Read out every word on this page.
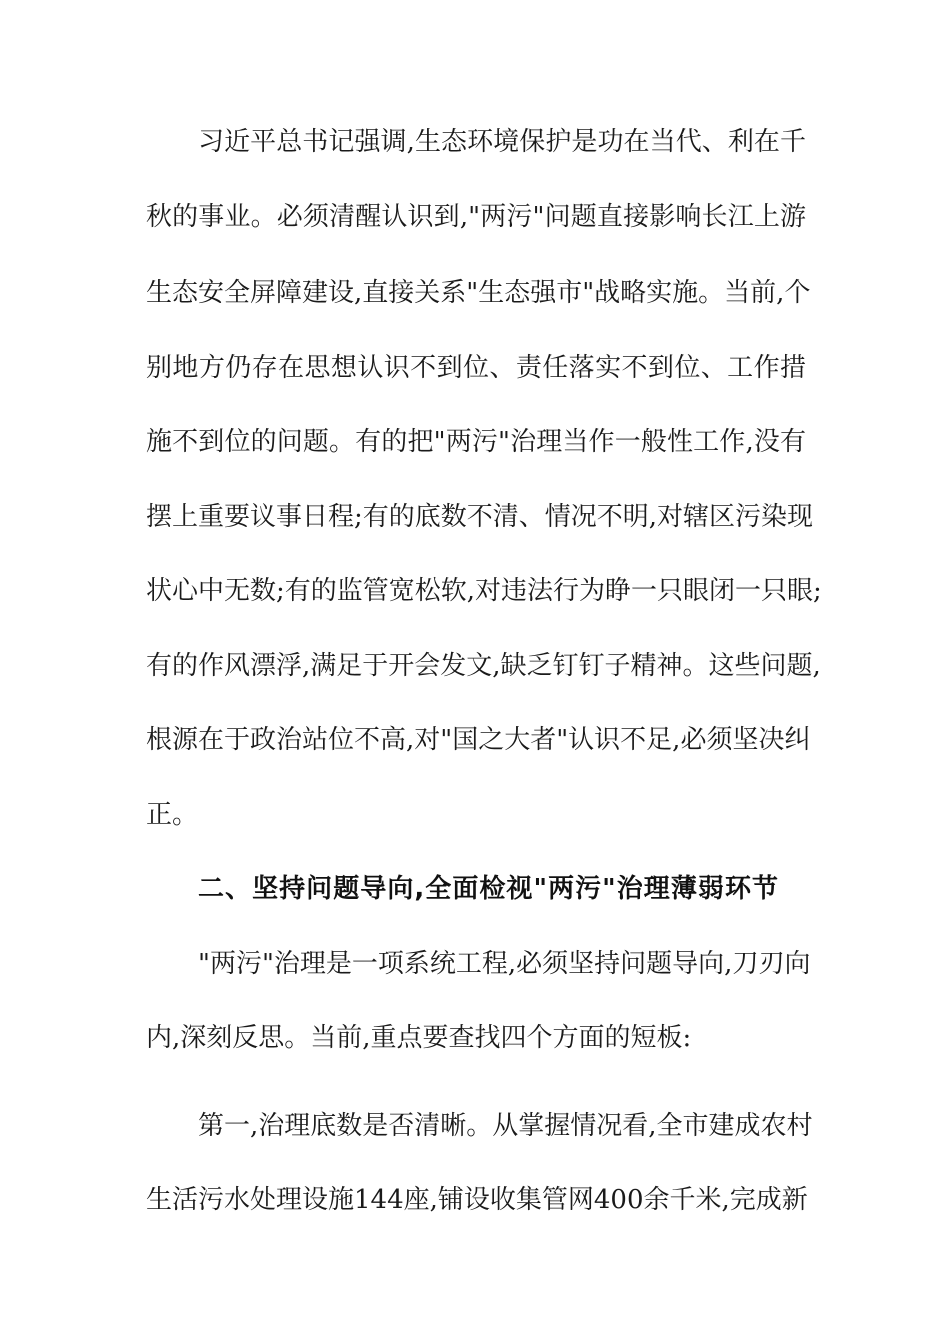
习近平总书记强调,生态环境保护是功在当代、利在千
秋的事业。必须清醒认识到,"两污"问题直接影响长江上游
生态安全屏障建设,直接关系"生态强市"战略实施。当前,个
别地方仍存在思想认识不到位、责任落实不到位、工作措
施不到位的问题。有的把"两污"治理当作一般性工作,没有
摆上重要议事日程;有的底数不清、情况不明,对辖区污染现
状心中无数;有的监管宽松软,对违法行为睁一只眼闭一只眼;
有的作风漂浮,满足于开会发文,缺乏钉钉子精神。这些问题,
根源在于政治站位不高,对"国之大者"认识不足,必须坚决纠
正。
二、坚持问题导向,全面检视"两污"治理薄弱环节
"两污"治理是一项系统工程,必须坚持问题导向,刀刃向
内,深刻反思。当前,重点要查找四个方面的短板:
第一,治理底数是否清晰。从掌握情况看,全市建成农村
生活污水处理设施144座,铺设收集管网400余千米,完成新
